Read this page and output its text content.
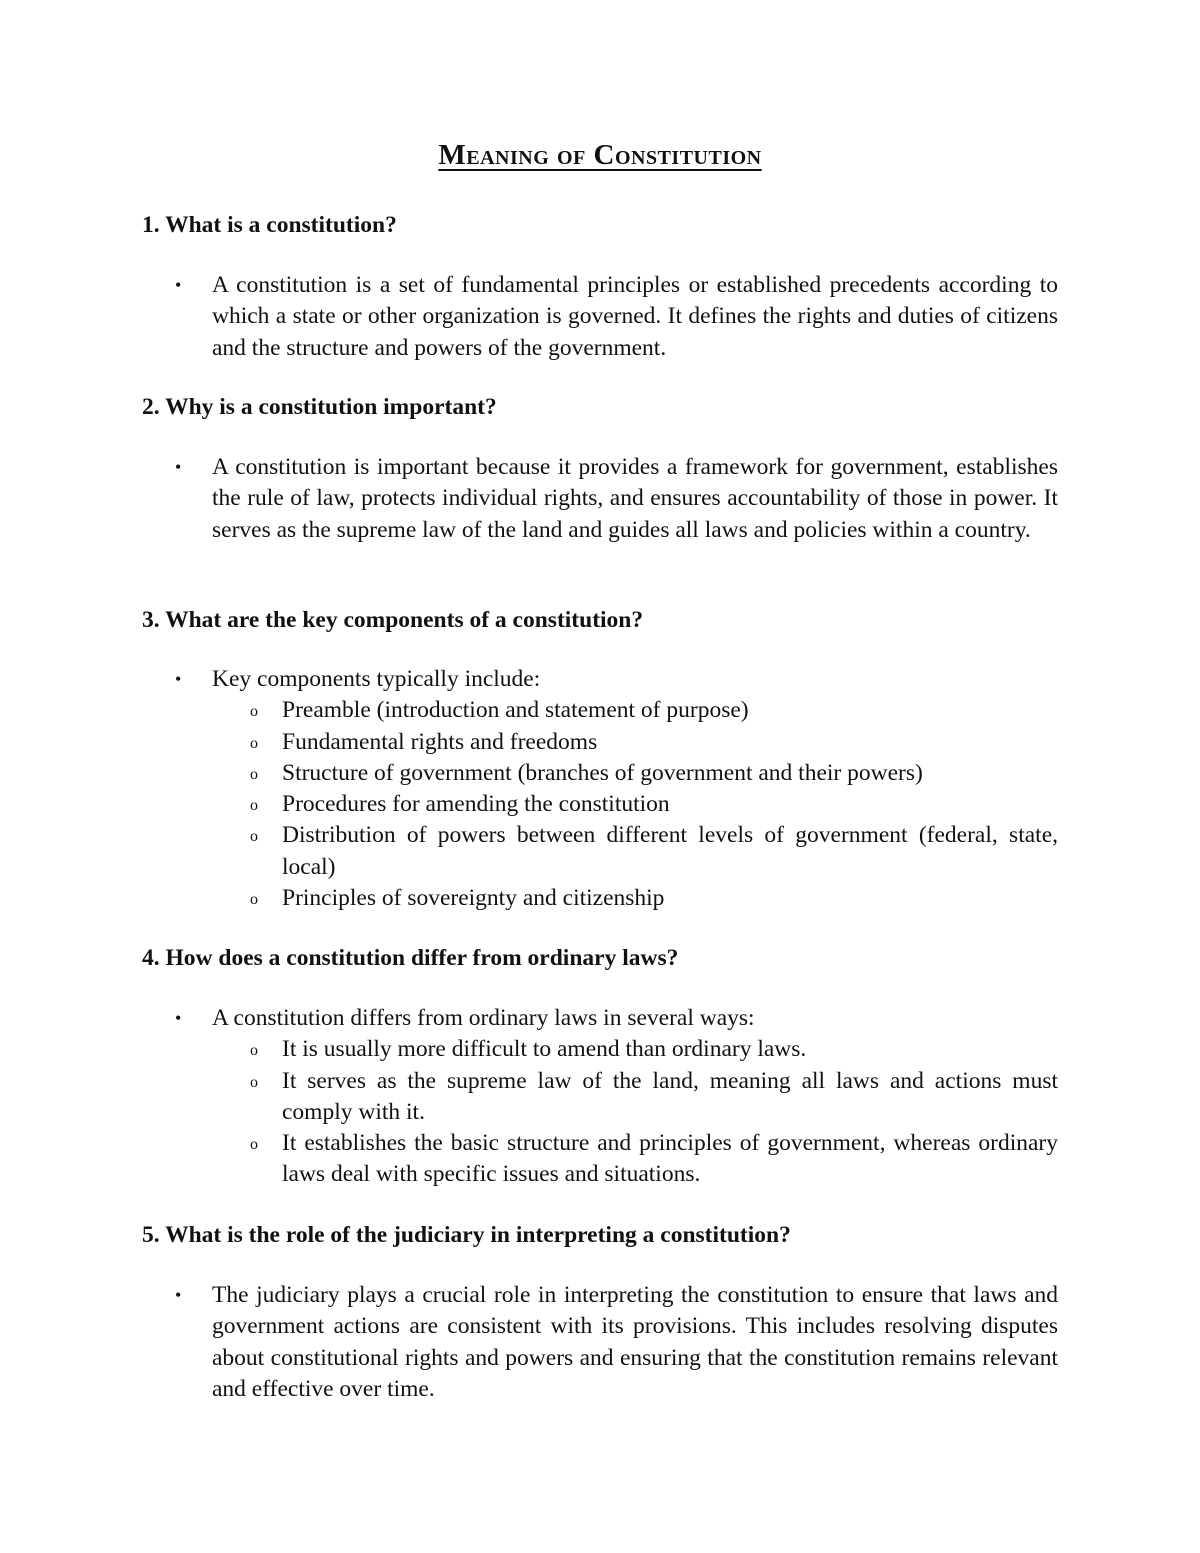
Meaning of Constitution

1. What is a constitution?

• A constitution is a set of fundamental principles or established precedents according to which a state or other organization is governed. It defines the rights and duties of citizens and the structure and powers of the government.

2. Why is a constitution important?

• A constitution is important because it provides a framework for government, establishes the rule of law, protects individual rights, and ensures accountability of those in power. It serves as the supreme law of the land and guides all laws and policies within a country.

3. What are the key components of a constitution?

• Key components typically include:

o Preamble (introduction and statement of purpose)
o Fundamental rights and freedoms
o Structure of government (branches of government and their powers)
o Procedures for amending the constitution
o Distribution of powers between different levels of government (federal, state, local)
o Principles of sovereignty and citizenship

4. How does a constitution differ from ordinary laws?

• A constitution differs from ordinary laws in several ways:

o It is usually more difficult to amend than ordinary laws.
o It serves as the supreme law of the land, meaning all laws and actions must comply with it.
o It establishes the basic structure and principles of government, whereas ordinary laws deal with specific issues and situations.

5. What is the role of the judiciary in interpreting a constitution?

• The judiciary plays a crucial role in interpreting the constitution to ensure that laws and government actions are consistent with its provisions. This includes resolving disputes about constitutional rights and powers and ensuring that the constitution remains relevant and effective over time.
